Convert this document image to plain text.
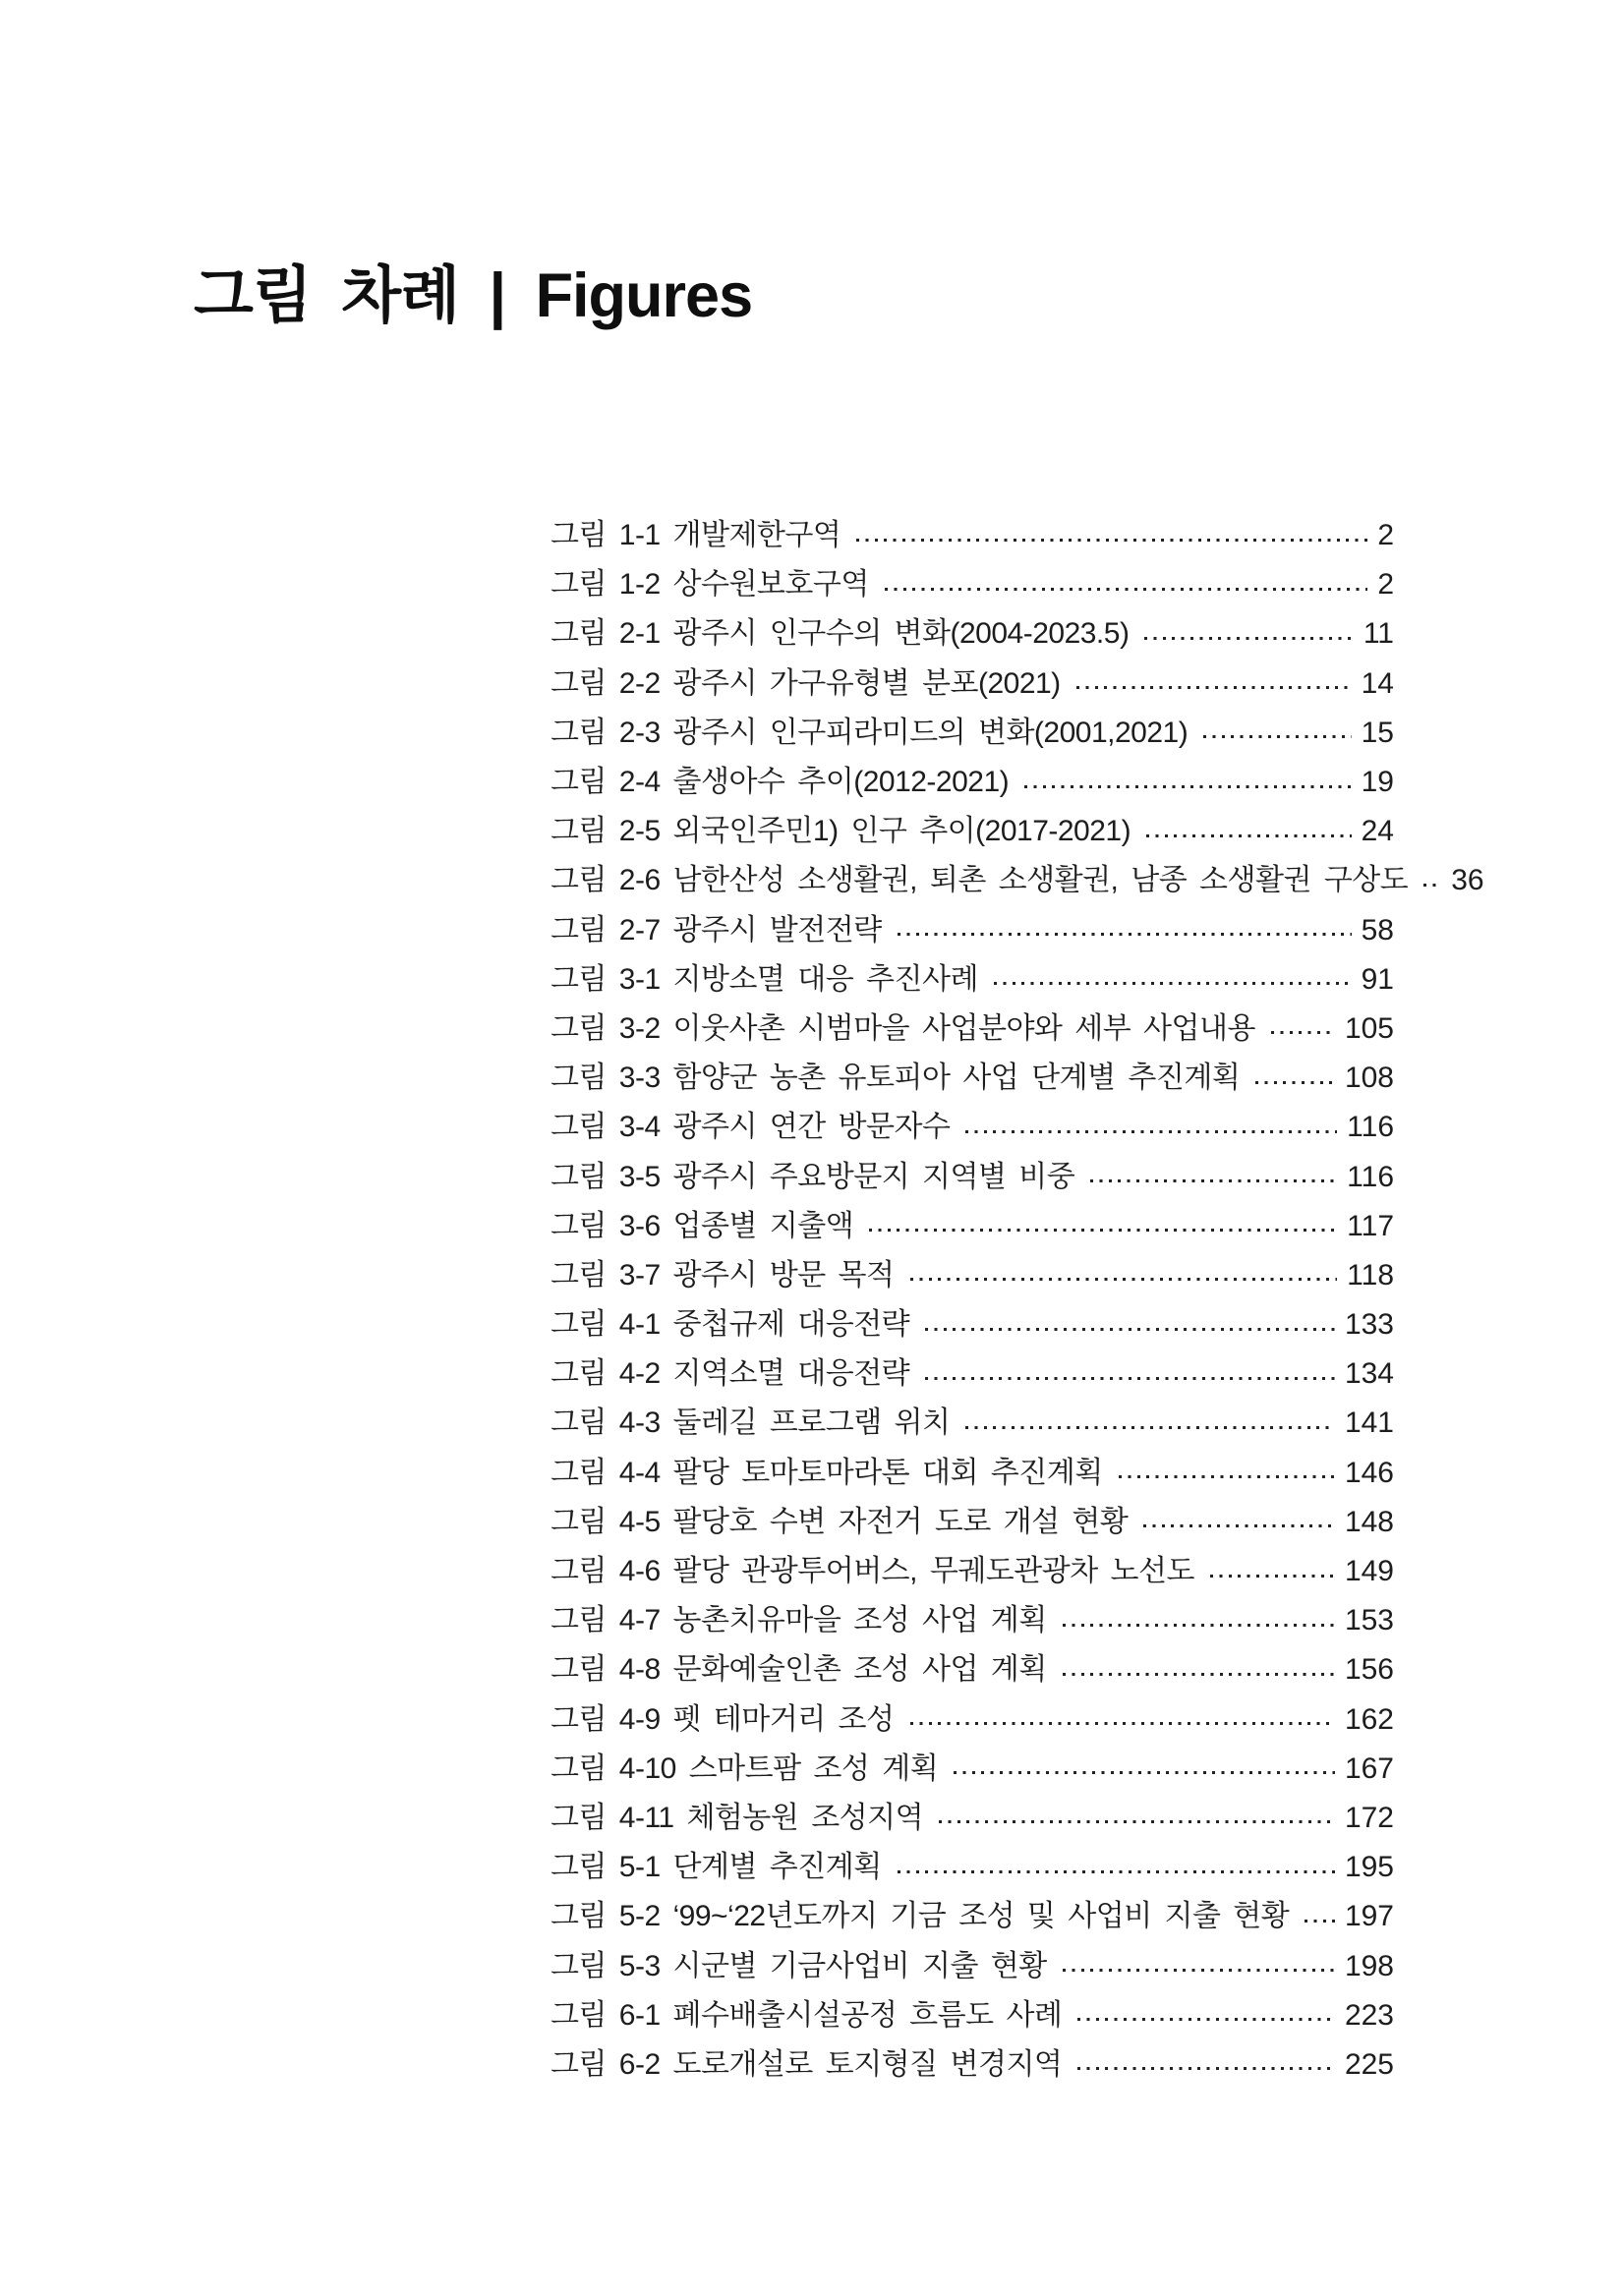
그림 차례 | Figures
그림 1-1 개발제한구역	2
그림 1-2 상수원보호구역	2
그림 2-1 광주시 인구수의 변화(2004-2023.5)	11
그림 2-2 광주시 가구유형별 분포(2021)	14
그림 2-3 광주시 인구피라미드의 변화(2001,2021)	15
그림 2-4 출생아수 추이(2012-2021)	19
그림 2-5 외국인주민1) 인구 추이(2017-2021)	24
그림 2-6 남한산성 소생활권, 퇴촌 소생활권, 남종 소생활권 구상도 36
그림 2-7 광주시 발전전략	58
그림 3-1 지방소멸 대응 추진사례	91
그림 3-2 이웃사촌 시범마을 사업분야와 세부 사업내용	105
그림 3-3 함양군 농촌 유토피아 사업 단계별 추진계획	108
그림 3-4 광주시 연간 방문자수	116
그림 3-5 광주시 주요방문지 지역별 비중	116
그림 3-6 업종별 지출액	117
그림 3-7 광주시 방문 목적	118
그림 4-1 중첩규제 대응전략	133
그림 4-2 지역소멸 대응전략	134
그림 4-3 둘레길 프로그램 위치	141
그림 4-4 팔당 토마토마라톤 대회 추진계획	146
그림 4-5 팔당호 수변 자전거 도로 개설 현황	148
그림 4-6 팔당 관광투어버스, 무궤도관광차 노선도	149
그림 4-7 농촌치유마을 조성 사업 계획	153
그림 4-8 문화예술인촌 조성 사업 계획	156
그림 4-9 펫 테마거리 조성	162
그림 4-10 스마트팜 조성 계획	167
그림 4-11 체험농원 조성지역	172
그림 5-1 단계별 추진계획	195
그림 5-2 ‘99~‘22년도까지 기금 조성 및 사업비 지출 현황 197
그림 5-3 시군별 기금사업비 지출 현황	198
그림 6-1 폐수배출시설공정 흐름도 사례	223
그림 6-2 도로개설로 토지형질 변경지역	225
